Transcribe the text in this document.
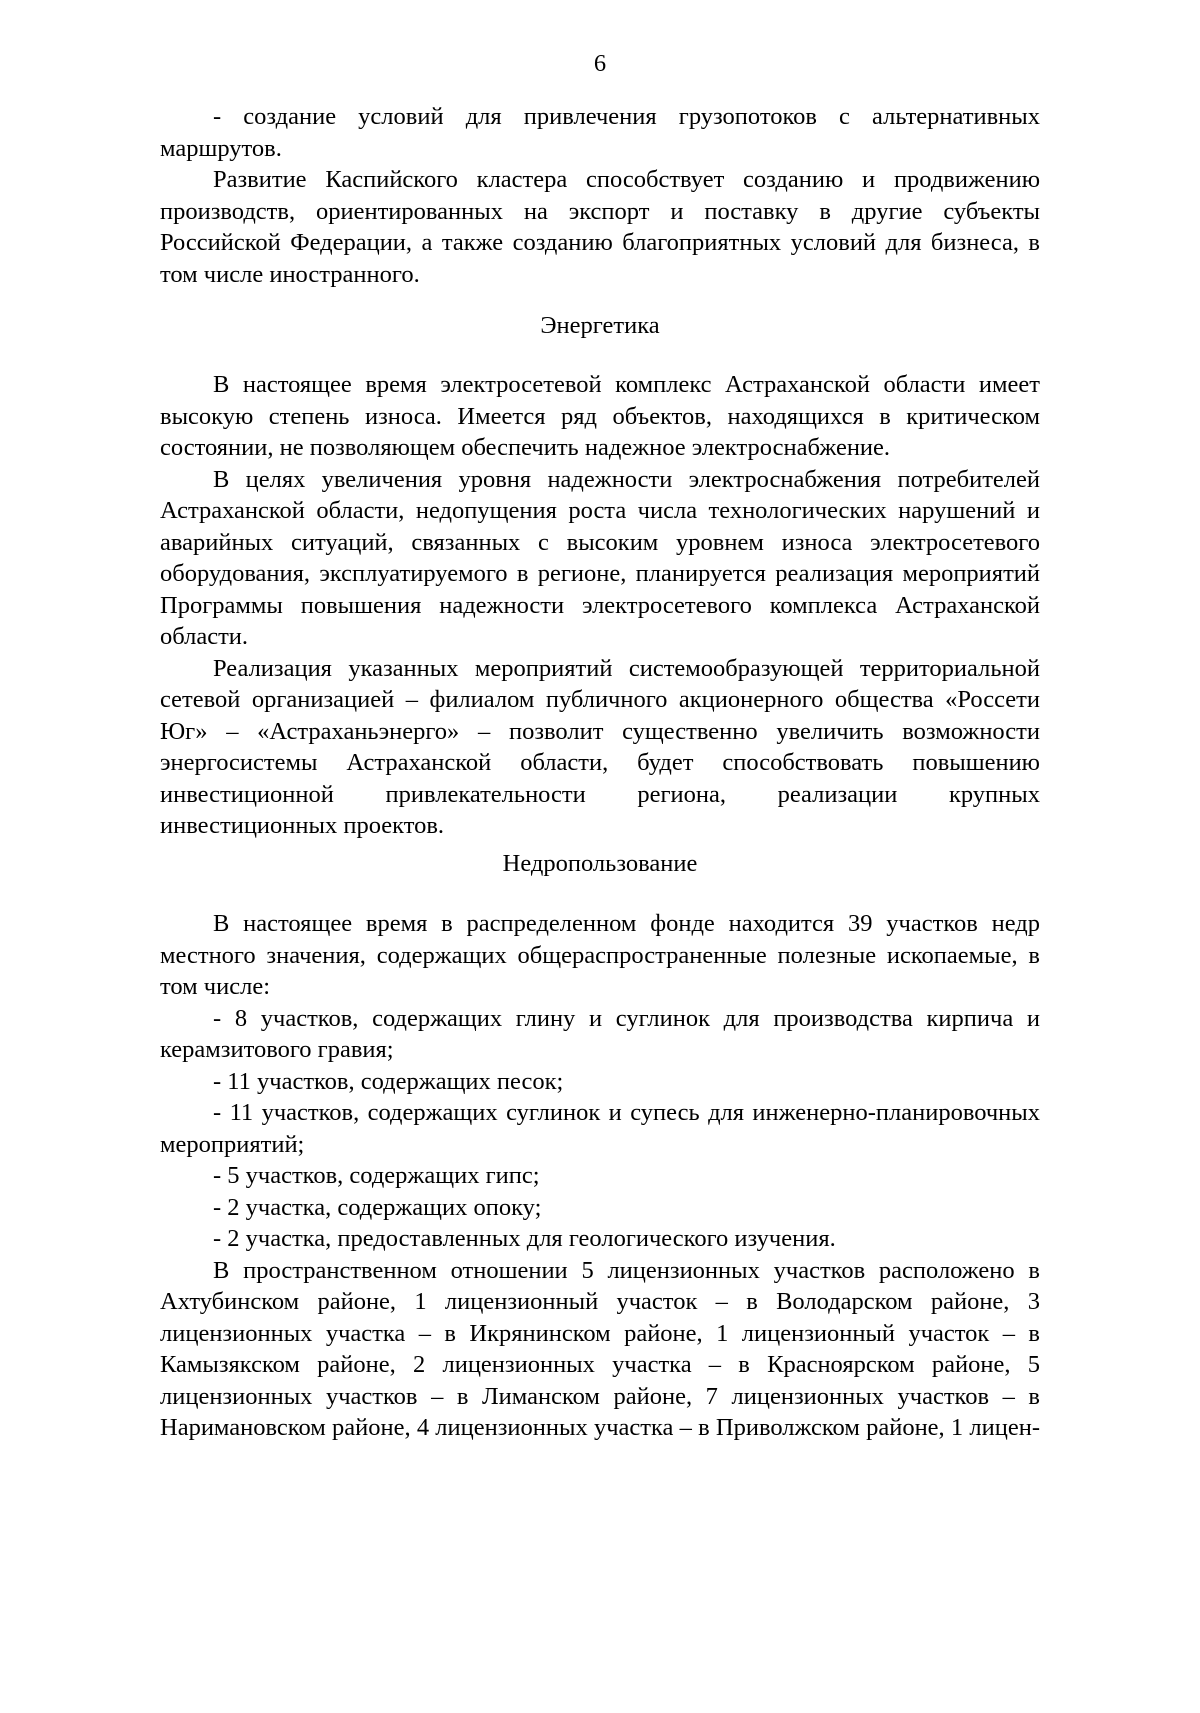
6

- создание условий для привлечения грузопотоков с альтернативных маршрутов.

Развитие Каспийского кластера способствует созданию и продвижению производств, ориентированных на экспорт и поставку в другие субъекты Российской Федерации, а также созданию благоприятных условий для бизнеса, в том числе иностранного.

Энергетика

В настоящее время электросетевой комплекс Астраханской области имеет высокую степень износа. Имеется ряд объектов, находящихся в критическом состоянии, не позволяющем обеспечить надежное электроснабжение.

В целях увеличения уровня надежности электроснабжения потребителей Астраханской области, недопущения роста числа технологических нарушений и аварийных ситуаций, связанных с высоким уровнем износа электросетевого оборудования, эксплуатируемого в регионе, планируется реализация мероприятий Программы повышения надежности электросетевого комплекса Астраханской области.

Реализация указанных мероприятий системообразующей территориальной сетевой организацией – филиалом публичного акционерного общества «Россети Юг» – «Астраханьэнерго» – позволит существенно увеличить возможности энергосистемы Астраханской области, будет способствовать повышению инвестиционной привлекательности региона, реализации крупных инвестиционных проектов.

Недропользование

В настоящее время в распределенном фонде находится 39 участков недр местного значения, содержащих общераспространенные полезные ископаемые, в том числе:

- 8 участков, содержащих глину и суглинок для производства кирпича и керамзитового гравия;

- 11 участков, содержащих песок;

- 11 участков, содержащих суглинок и супесь для инженерно-планировочных мероприятий;

- 5 участков, содержащих гипс;

- 2 участка, содержащих опоку;

- 2 участка, предоставленных для геологического изучения.

В пространственном отношении 5 лицензионных участков расположено в Ахтубинском районе, 1 лицензионный участок – в Володарском районе, 3 лицензионных участка – в Икрянинском районе, 1 лицензионный участок – в Камызякском районе, 2 лицензионных участка – в Красноярском районе, 5 лицензионных участков – в Лиманском районе, 7 лицензионных участков – в Наримановском районе, 4 лицензионных участка – в Приволжском районе, 1 лицен-
